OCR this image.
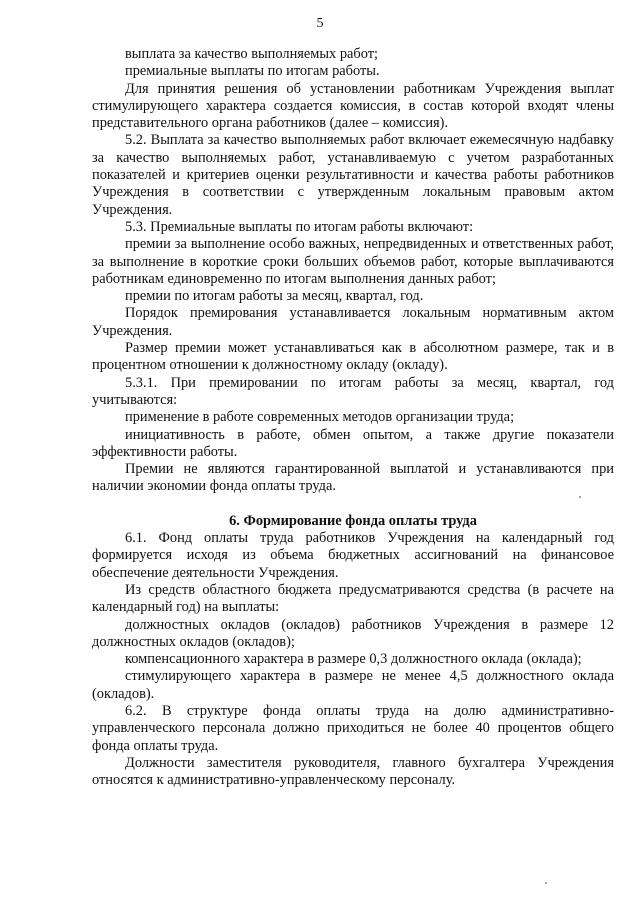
5

выплата за качество выполняемых работ;

премиальные выплаты по итогам работы.

Для принятия решения об установлении работникам Учреждения выплат стимулирующего характера создается комиссия, в состав которой входят члены представительного органа работников (далее – комиссия).

5.2. Выплата за качество выполняемых работ включает ежемесячную надбавку за качество выполняемых работ, устанавливаемую с учетом разработанных показателей и критериев оценки результативности и качества работы работников Учреждения в соответствии с утвержденным локальным правовым актом Учреждения.

5.3. Премиальные выплаты по итогам работы включают:

премии за выполнение особо важных, непредвиденных и ответственных работ, за выполнение в короткие сроки больших объемов работ, которые выплачиваются работникам единовременно по итогам выполнения данных работ;

премии по итогам работы за месяц, квартал, год.

Порядок премирования устанавливается локальным нормативным актом Учреждения.

Размер премии может устанавливаться как в абсолютном размере, так и в процентном отношении к должностному окладу (окладу).

5.3.1. При премировании по итогам работы за месяц, квартал, год учитываются:

применение в работе современных методов организации труда;

инициативность в работе, обмен опытом, а также другие показатели эффективности работы.

Премии не являются гарантированной выплатой и устанавливаются при наличии экономии фонда оплаты труда.

6. Формирование фонда оплаты труда

6.1. Фонд оплаты труда работников Учреждения на календарный год формируется исходя из объема бюджетных ассигнований на финансовое обеспечение деятельности Учреждения.

Из средств областного бюджета предусматриваются средства (в расчете на календарный год) на выплаты:

должностных окладов (окладов) работников Учреждения в размере 12 должностных окладов (окладов);

компенсационного характера в размере 0,3 должностного оклада (оклада);

стимулирующего характера в размере не менее 4,5 должностного оклада (окладов).

6.2. В структуре фонда оплаты труда на долю административно-управленческого персонала должно приходиться не более 40 процентов общего фонда оплаты труда.

Должности заместителя руководителя, главного бухгалтера Учреждения относятся к административно-управленческому персоналу.
